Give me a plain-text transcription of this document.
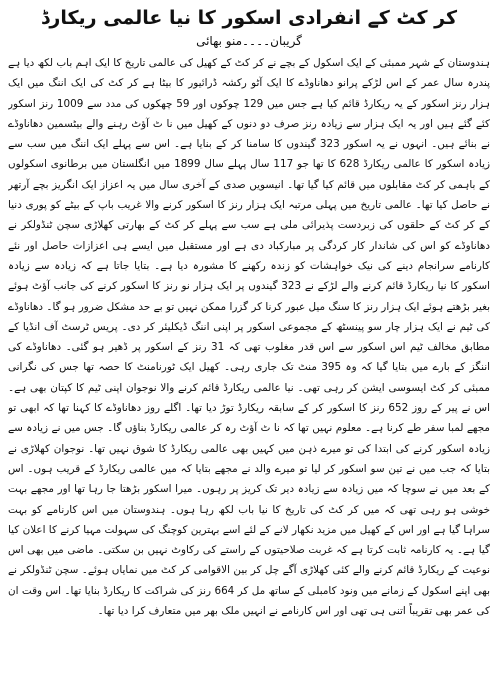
کر کٹ کے انفرادی اسکور کا نیا عالمی ریکارڈ
گریبان۔۔۔۔منو بھائی

ہندوستان کے شہر ممبئی کے ایک اسکول کے بچے نے کر کٹ کے کھیل کی عالمی تاریخ کا ایک اہم باب لکھ دیا ہے پندرہ سال عمر کے اس لڑکے پرانو دھاناوڈے کا ایک آٹو رکشہ ڈرائیور کا بیٹا ہے کر کٹ کی ایک اننگ میں ایک ہزار رنز اسکور کے یہ ریکارڈ قائم کیا ہے جس میں 129 چوکوں اور 59 چھکوں کی مدد سے 1009 رنز اسکور کئے گئے ہیں اور یہ ایک ہزار سے زیادہ رنز صرف دو دنوں کے کھیل میں نا ٹ آؤٹ رہنے والے بیٹسمین دھاناوڈے نے بنائے ہیں۔ انہوں نے یہ اسکور 323 گیندوں کا سامنا کر کے بنایا ہے۔ اس سے پہلے ایک اننگ میں سب سے زیادہ اسکور کا عالمی ریکارڈ 628 کا تھا جو 117 سال پہلے سال 1899 میں انگلستان میں برطانوی اسکولوں کے باہمی کر کٹ مقابلوں میں قائم کیا گیا تھا۔ انیسویں صدی کے آخری سال میں یہ اعزاز ایک انگریز بچے آرتھر نے حاصل کیا تھا۔ عالمی تاریخ میں پہلی مرتبہ ایک ہزار رنز کا اسکور کرنے والا غریب باپ کے بیٹے کو پوری دنیا کے کر کٹ کے حلقوں کی زبردست پذیرائی ملی ہے سب سے پہلے کر کٹ کے بھارتی کھلاڑی سچن ٹنڈولکر نے دھاناوڈے کو اس کی شاندار کار کردگی پر مبارکباد دی ہے اور مستقبل میں ایسے ہی اعزازات حاصل اور نئے کارنامے سرانجام دینے کی نیک خواہشات کو زندہ رکھنے کا مشورہ دیا ہے۔ بتایا جاتا ہے کہ زیادہ سے زیادہ اسکور کا نیا ریکارڈ قائم کرنے والے لڑکے نے 323 گیندوں پر ایک ہزار نو رنز کا اسکور کرنے کی جانب آؤٹ ہوئے بغیر بڑھتے ہوئے ایک ہزار رنز کا سنگ میل عبور کرنا کر گزرا ممکن نہیں تو بے حد مشکل ضرور ہو گا۔ دھاناوڈے کی ٹیم نے ایک ہزار چار سو پینسٹھ کے مجموعی اسکور پر اپنی اننگ ڈیکلیئر کر دی۔ پریس ٹرسٹ آف انڈیا کے مطابق مخالف ٹیم اس اسکور سے اس قدر مغلوب تھی کہ 31 رنز کے اسکور پر ڈھیر ہو گئی۔ دھاناوڈے کی اننگز کے بارے میں بتایا گیا کہ وہ 395 منٹ تک جاری رہی۔ کھیل ایک ٹورنامنٹ کا حصہ تھا جس کی نگرانی ممبئی کر کٹ ایسوسی ایشن کر رہی تھی۔ نیا عالمی ریکارڈ قائم کرنے والا نوجوان اپنی ٹیم کا کپتان بھی ہے۔ اس نے پیر کے روز 652 رنز کا اسکور کر کے سابقہ ریکارڈ توڑ دیا تھا۔ اگلے روز دھاناوڈے کا کہنا تھا کہ ابھی تو مجھے لمبا سفر طے کرنا ہے۔ معلوم نہیں تھا کہ نا ٹ آؤٹ رہ کر عالمی ریکارڈ بناؤں گا۔ جس میں نے زیادہ سے زیادہ اسکور کرنے کی ابتدا کی تو میرے ذہن میں کہیں بھی عالمی ریکارڈ کا شوق نہیں تھا۔ نوجوان کھلاڑی نے بتایا کہ جب میں نے تین سو اسکور کر لیا تو میرے والد نے مجھے بتایا کہ میں عالمی ریکارڈ کے قریب ہوں۔ اس کے بعد میں نے سوچا کہ میں زیادہ سے زیادہ دیر تک کریز پر رہوں۔ میرا اسکور بڑھتا جا رہا تھا اور مجھے بہت خوشی ہو رہی تھی کہ میں کر کٹ کی تاریخ کا نیا باب لکھ رہا ہوں۔ ہندوستان میں اس کارنامے کو بہت سراہا گیا ہے اور اس کے کھیل میں مزید نکھار لانے کے لئے اسے بہترین کوچنگ کی سہولت مہیا کرنے کا اعلان کیا گیا ہے۔ یہ کارنامہ ثابت کرتا ہے کہ غربت صلاحیتوں کے راستے کی رکاوٹ نہیں بن سکتی۔ ماضی میں بھی اس نوعیت کے ریکارڈ قائم کرنے والے کئی کھلاڑی آگے چل کر بین الاقوامی کر کٹ میں نمایاں ہوئے۔ سچن ٹنڈولکر نے بھی اپنے اسکول کے زمانے میں ونود کامبلی کے ساتھ مل کر 664 رنز کی شراکت کا ریکارڈ بنایا تھا۔ اس وقت ان کی عمر بھی تقریباً اتنی ہی تھی اور اس کارنامے نے انہیں ملک بھر میں متعارف کرا دیا تھا۔
